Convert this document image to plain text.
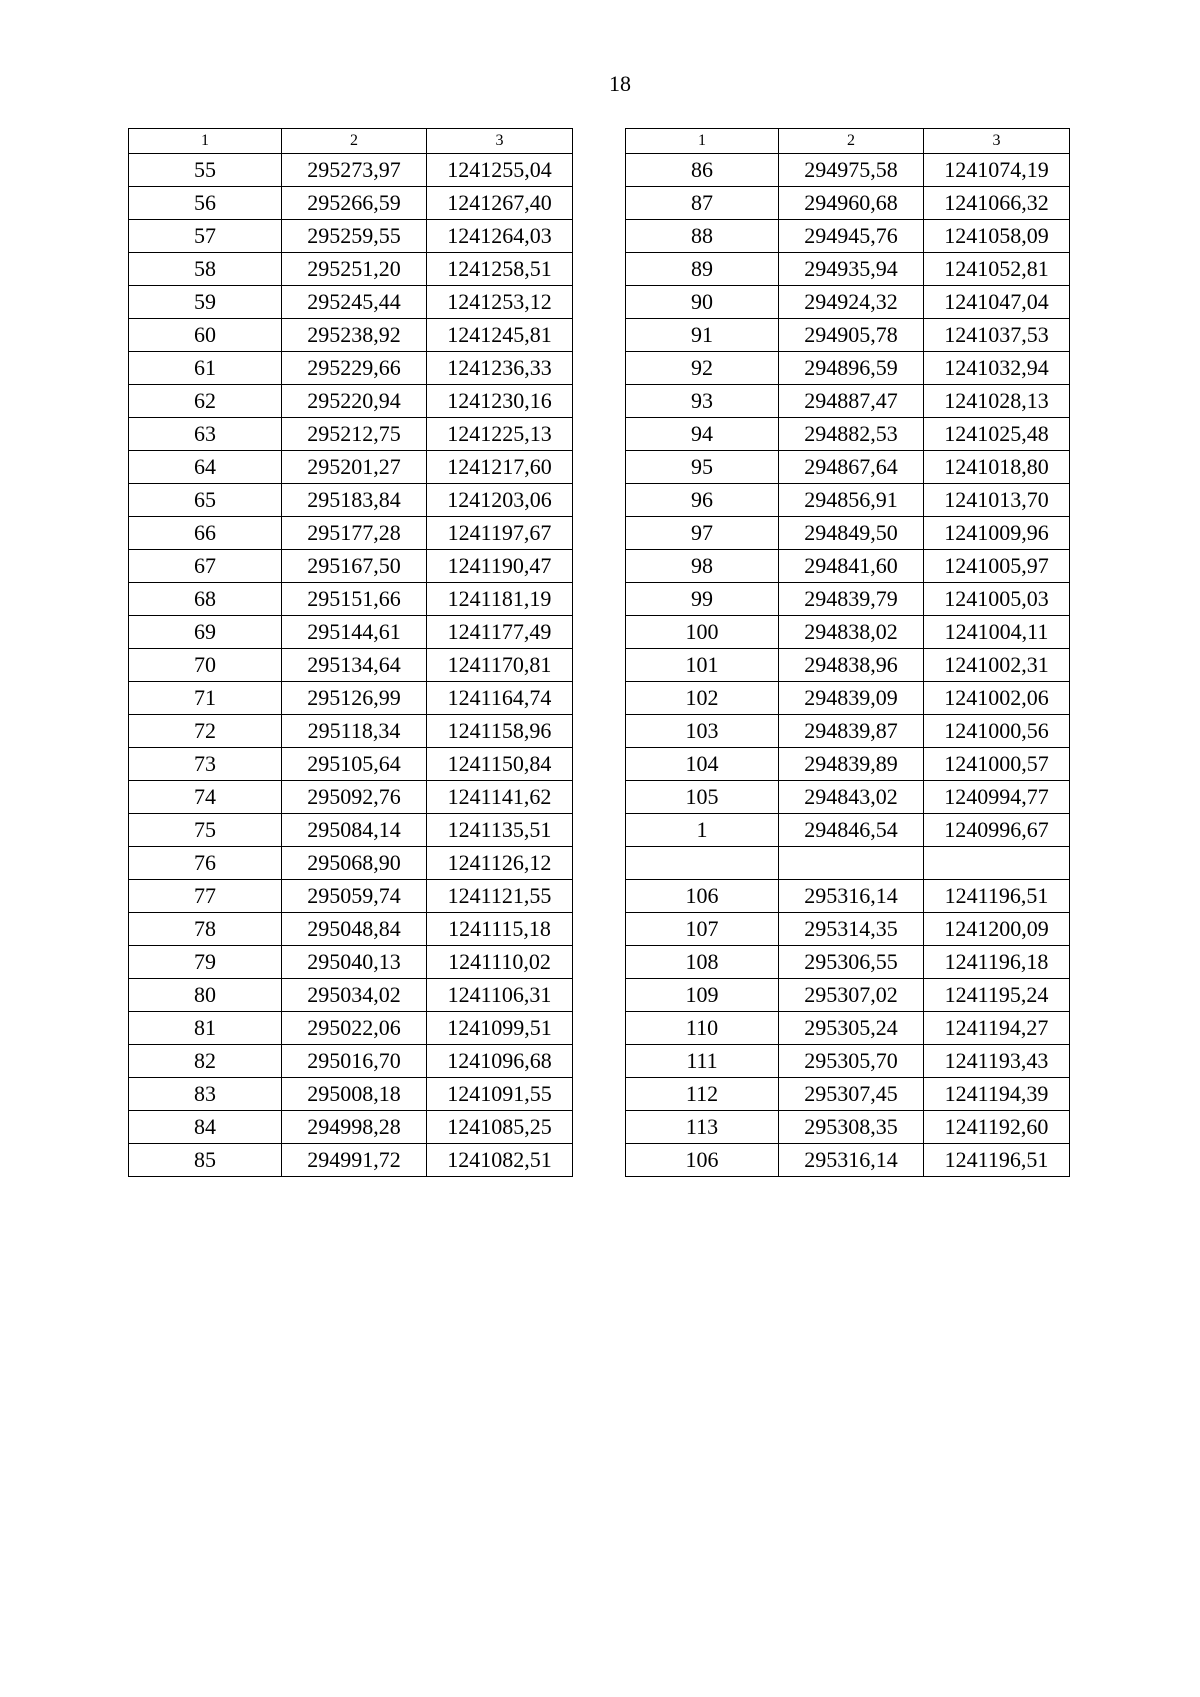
18
1	2	3
55	295273,97	1241255,04
56	295266,59	1241267,40
57	295259,55	1241264,03
58	295251,20	1241258,51
59	295245,44	1241253,12
60	295238,92	1241245,81
61	295229,66	1241236,33
62	295220,94	1241230,16
63	295212,75	1241225,13
64	295201,27	1241217,60
65	295183,84	1241203,06
66	295177,28	1241197,67
67	295167,50	1241190,47
68	295151,66	1241181,19
69	295144,61	1241177,49
70	295134,64	1241170,81
71	295126,99	1241164,74
72	295118,34	1241158,96
73	295105,64	1241150,84
74	295092,76	1241141,62
75	295084,14	1241135,51
76	295068,90	1241126,12
77	295059,74	1241121,55
78	295048,84	1241115,18
79	295040,13	1241110,02
80	295034,02	1241106,31
81	295022,06	1241099,51
82	295016,70	1241096,68
83	295008,18	1241091,55
84	294998,28	1241085,25
85	294991,72	1241082,51
1	2	3
86	294975,58	1241074,19
87	294960,68	1241066,32
88	294945,76	1241058,09
89	294935,94	1241052,81
90	294924,32	1241047,04
91	294905,78	1241037,53
92	294896,59	1241032,94
93	294887,47	1241028,13
94	294882,53	1241025,48
95	294867,64	1241018,80
96	294856,91	1241013,70
97	294849,50	1241009,96
98	294841,60	1241005,97
99	294839,79	1241005,03
100	294838,02	1241004,11
101	294838,96	1241002,31
102	294839,09	1241002,06
103	294839,87	1241000,56
104	294839,89	1241000,57
105	294843,02	1240994,77
1	294846,54	1240996,67

106	295316,14	1241196,51
107	295314,35	1241200,09
108	295306,55	1241196,18
109	295307,02	1241195,24
110	295305,24	1241194,27
111	295305,70	1241193,43
112	295307,45	1241194,39
113	295308,35	1241192,60
106	295316,14	1241196,51
